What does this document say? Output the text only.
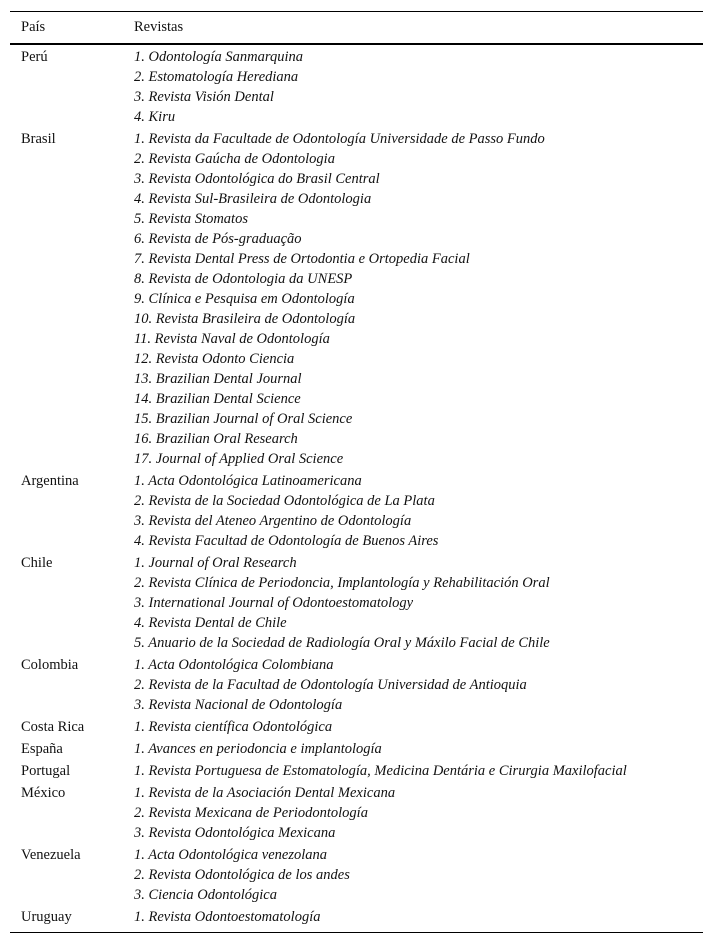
País	Revistas
Perú	1. Odontología Sanmarquina
2. Estomatología Herediana
3. Revista Visión Dental
4. Kiru
Brasil	1. Revista da Facultade de Odontología Universidade de Passo Fundo
2. Revista Gaúcha de Odontologia
3. Revista Odontológica do Brasil Central
4. Revista Sul-Brasileira de Odontologia
5. Revista Stomatos
6. Revista de Pós-graduação
7. Revista Dental Press de Ortodontia e Ortopedia Facial
8. Revista de Odontologia da UNESP
9. Clínica e Pesquisa em Odontología
10. Revista Brasileira de Odontología
11. Revista Naval de Odontología
12. Revista Odonto Ciencia
13. Brazilian Dental Journal
14. Brazilian Dental Science
15. Brazilian Journal of Oral Science
16. Brazilian Oral Research
17. Journal of Applied Oral Science
Argentina	1. Acta Odontológica Latinoamericana
2. Revista de la Sociedad Odontológica de La Plata
3. Revista del Ateneo Argentino de Odontología
4. Revista Facultad de Odontología de Buenos Aires
Chile	1. Journal of Oral Research
2. Revista Clínica de Periodoncia, Implantología y Rehabilitación Oral
3. International Journal of Odontoestomatology
4. Revista Dental de Chile
5. Anuario de la Sociedad de Radiología Oral y Máxilo Facial de Chile
Colombia	1. Acta Odontológica Colombiana
2. Revista de la Facultad de Odontología Universidad de Antioquia
3. Revista Nacional de Odontología
Costa Rica	1. Revista científica Odontológica
España	1. Avances en periodoncia e implantología
Portugal	1. Revista Portuguesa de Estomatología, Medicina Dentária e Cirurgia Maxilofacial
México	1. Revista de la Asociación Dental Mexicana
2. Revista Mexicana de Periodontología
3. Revista Odontológica Mexicana
Venezuela	1. Acta Odontológica venezolana
2. Revista Odontológica de los andes
3. Ciencia Odontológica
Uruguay	1. Revista Odontoestomatología
